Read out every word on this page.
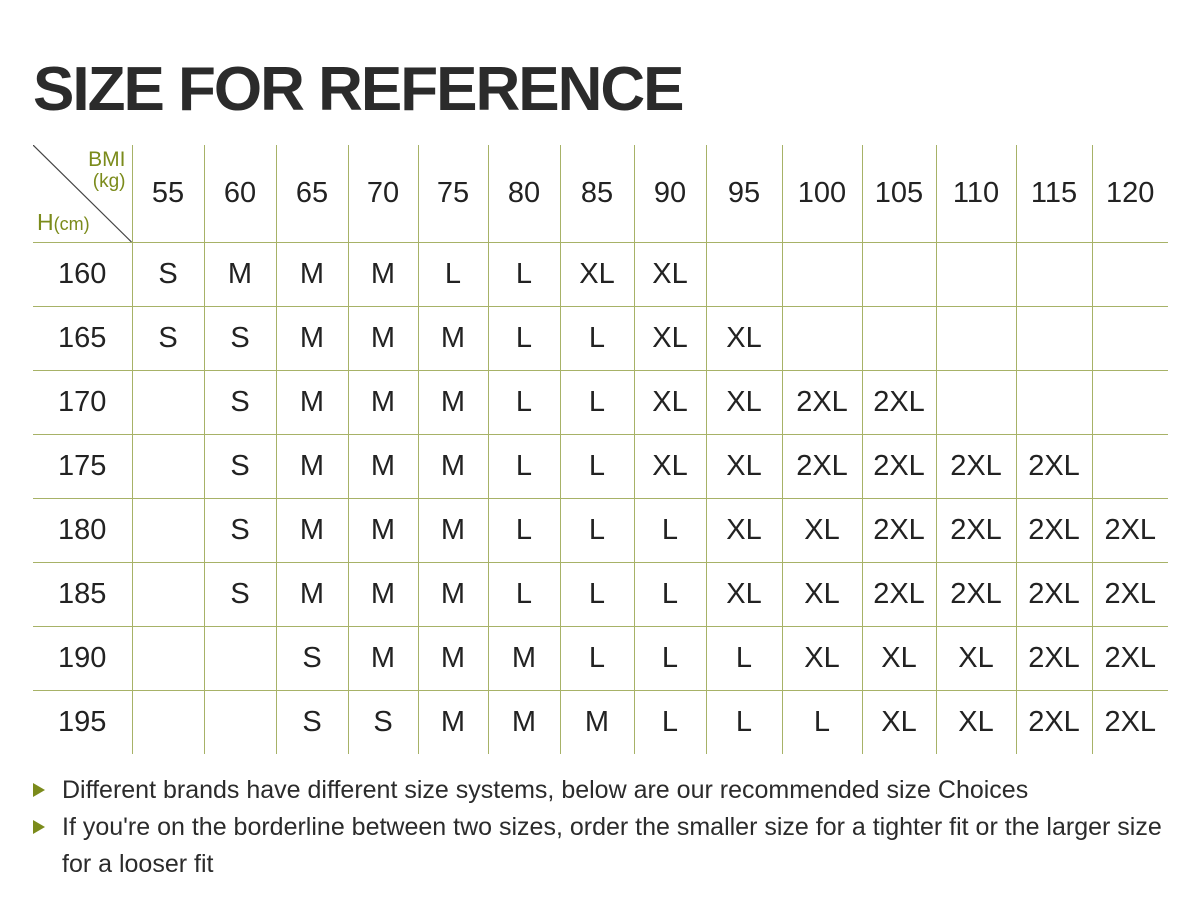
SIZE FOR REFERENCE
BMI
(kg)
H(cm)	55	60	65	70	75	80	85	90	95	100	105	110	115	120
160	S	M	M	M	L	L	XL	XL						
165	S	S	M	M	M	L	L	XL	XL					
170		S	M	M	M	L	L	XL	XL	2XL	2XL			
175		S	M	M	M	L	L	XL	XL	2XL	2XL	2XL	2XL	
180		S	M	M	M	L	L	L	XL	XL	2XL	2XL	2XL	2XL
185		S	M	M	M	L	L	L	XL	XL	2XL	2XL	2XL	2XL
190			S	M	M	M	L	L	L	XL	XL	XL	2XL	2XL
195			S	S	M	M	M	L	L	L	XL	XL	2XL	2XL
Different brands have different size systems, below are our recommended size Choices
If you're on the borderline between two sizes, order the smaller size for a tighter fit or the larger size for a looser fit
